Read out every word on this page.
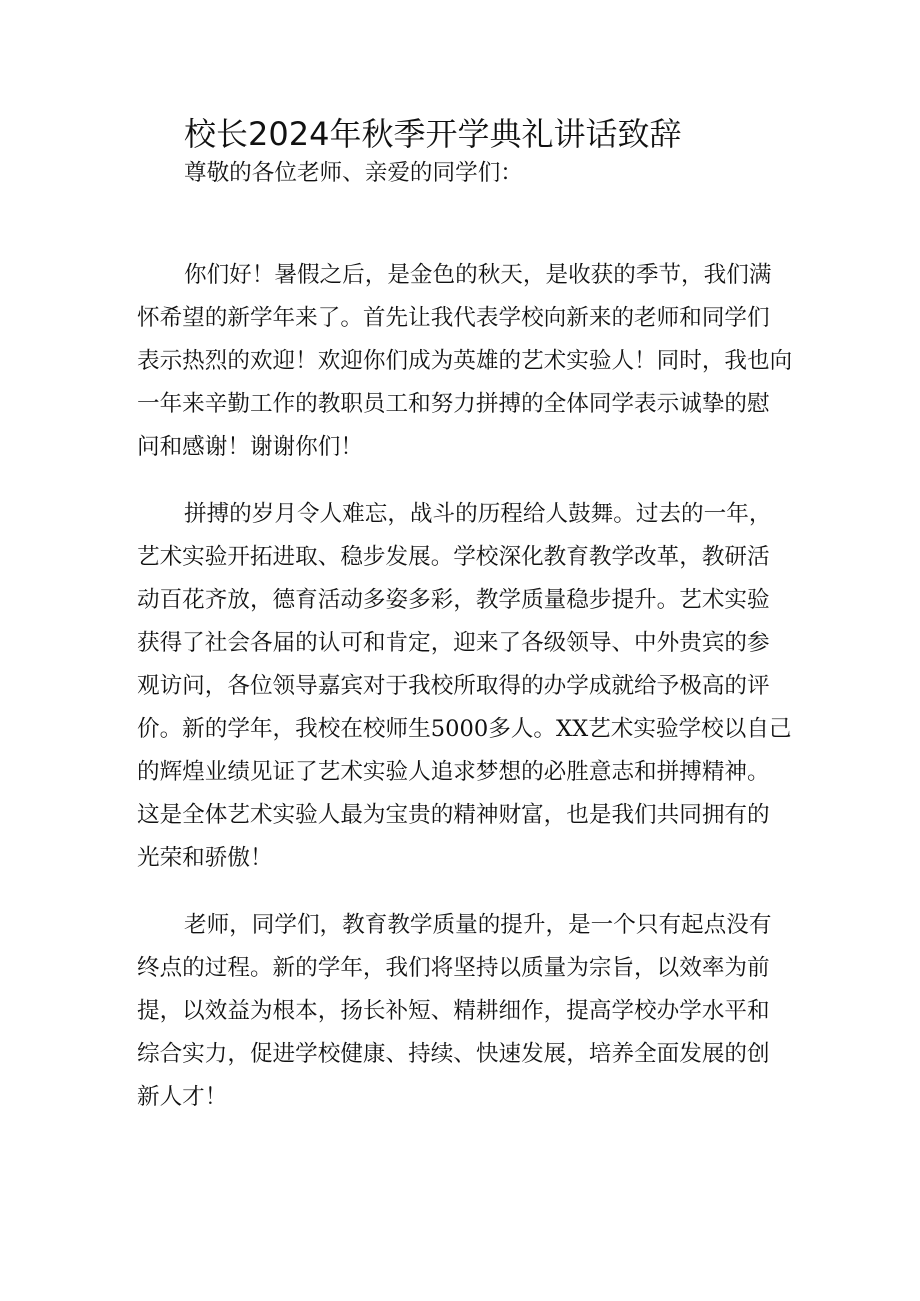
校长2024年秋季开学典礼讲话致辞

尊敬的各位老师、亲爱的同学们：

你们好！暑假之后，是金色的秋天，是收获的季节，我们满

怀希望的新学年来了。首先让我代表学校向新来的老师和同学们

表示热烈的欢迎！欢迎你们成为英雄的艺术实验人！同时，我也向

一年来辛勤工作的教职员工和努力拼搏的全体同学表示诚挚的慰

问和感谢！谢谢你们！

拼搏的岁月令人难忘，战斗的历程给人鼓舞。过去的一年，

艺术实验开拓进取、稳步发展。学校深化教育教学改革，教研活

动百花齐放，德育活动多姿多彩，教学质量稳步提升。艺术实验

获得了社会各届的认可和肯定，迎来了各级领导、中外贵宾的参

观访问，各位领导嘉宾对于我校所取得的办学成就给予极高的评

价。新的学年，我校在校师生5000多人。XX艺术实验学校以自己

的辉煌业绩见证了艺术实验人追求梦想的必胜意志和拼搏精神。

这是全体艺术实验人最为宝贵的精神财富，也是我们共同拥有的

光荣和骄傲！

老师，同学们，教育教学质量的提升，是一个只有起点没有

终点的过程。新的学年，我们将坚持以质量为宗旨，以效率为前

提，以效益为根本，扬长补短、精耕细作，提高学校办学水平和

综合实力，促进学校健康、持续、快速发展，培养全面发展的创

新人才！
